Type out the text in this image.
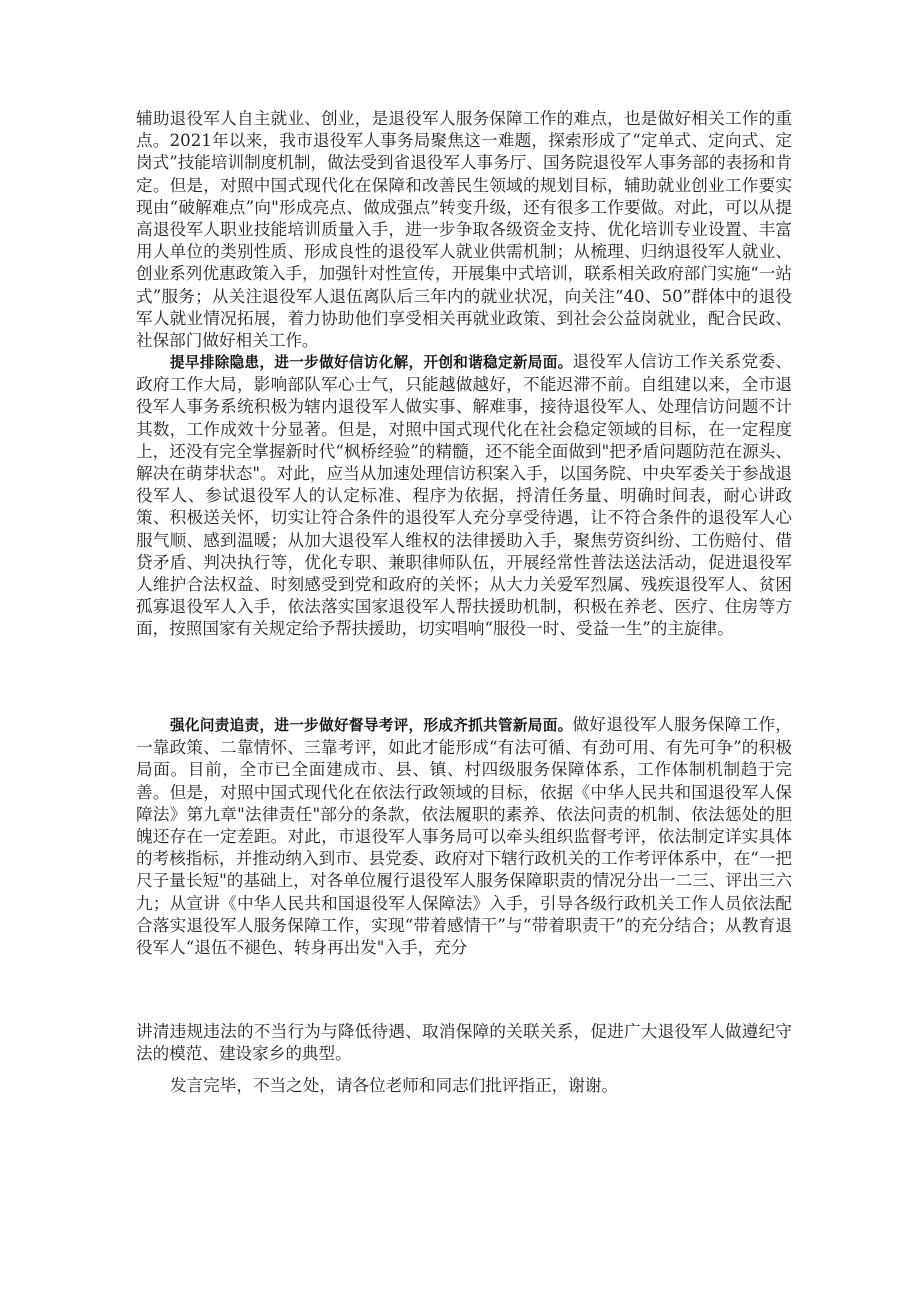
辅助退役军人自主就业、创业，是退役军人服务保障工作的难点，也是做好相关工作的重点。2021年以来，我市退役军人事务局聚焦这一难题，探索形成了“定单式、定向式、定岗式”技能培训制度机制，做法受到省退役军人事务厅、国务院退役军人事务部的表扬和肯定。但是，对照中国式现代化在保障和改善民生领域的规划目标，辅助就业创业工作要实现由“破解难点”向"形成亮点、做成强点”转变升级，还有很多工作要做。对此，可以从提高退役军人职业技能培训质量入手，进一步争取各级资金支持、优化培训专业设置、丰富用人单位的类别性质、形成良性的退役军人就业供需机制；从梳理、归纳退役军人就业、创业系列优惠政策入手，加强针对性宣传，开展集中式培训，联系相关政府部门实施“一站式”服务；从关注退役军人退伍离队后三年内的就业状况，向关注“40、50”群体中的退役军人就业情况拓展，着力协助他们享受相关再就业政策、到社会公益岗就业，配合民政、社保部门做好相关工作。

提早排除隐患，进一步做好信访化解，开创和谐稳定新局面。退役军人信访工作关系党委、政府工作大局，影响部队军心士气，只能越做越好，不能迟滞不前。自组建以来，全市退役军人事务系统积极为辖内退役军人做实事、解难事，接待退役军人、处理信访问题不计其数，工作成效十分显著。但是，对照中国式现代化在社会稳定领域的目标，在一定程度上，还没有完全掌握新时代“枫桥经验”的精髓，还不能全面做到"把矛盾问题防范在源头、解决在萌芽状态"。对此，应当从加速处理信访积案入手，以国务院、中央军委关于参战退役军人、参试退役军人的认定标准、程序为依据，捋清任务量、明确时间表，耐心讲政策、积极送关怀，切实让符合条件的退役军人充分享受待遇，让不符合条件的退役军人心服气顺、感到温暖；从加大退役军人维权的法律援助入手，聚焦劳资纠纷、工伤赔付、借贷矛盾、判决执行等，优化专职、兼职律师队伍，开展经常性普法送法活动，促进退役军人维护合法权益、时刻感受到党和政府的关怀；从大力关爱军烈属、残疾退役军人、贫困孤寡退役军人入手，依法落实国家退役军人帮扶援助机制，积极在养老、医疗、住房等方面，按照国家有关规定给予帮扶援助，切实唱响“服役一时、受益一生”的主旋律。

强化问责追责，进一步做好督导考评，形成齐抓共管新局面。做好退役军人服务保障工作，一靠政策、二靠情怀、三靠考评，如此才能形成“有法可循、有劲可用、有先可争”的积极局面。目前，全市已全面建成市、县、镇、村四级服务保障体系，工作体制机制趋于完善。但是，对照中国式现代化在依法行政领域的目标，依据《中华人民共和国退役军人保障法》第九章"法律责任"部分的条款，依法履职的素养、依法问责的机制、依法惩处的胆魄还存在一定差距。对此，市退役军人事务局可以牵头组织监督考评，依法制定详实具体的考核指标，并推动纳入到市、县党委、政府对下辖行政机关的工作考评体系中，在“一把尺子量长短"的基础上，对各单位履行退役军人服务保障职责的情况分出一二三、评出三六九；从宣讲《中华人民共和国退役军人保障法》入手，引导各级行政机关工作人员依法配合落实退役军人服务保障工作，实现“带着感情干”与“带着职责干”的充分结合；从教育退役军人“退伍不褪色、转身再出发"入手，充分

讲清违规违法的不当行为与降低待遇、取消保障的关联关系，促进广大退役军人做遵纪守法的模范、建设家乡的典型。

发言完毕，不当之处，请各位老师和同志们批评指正，谢谢。
